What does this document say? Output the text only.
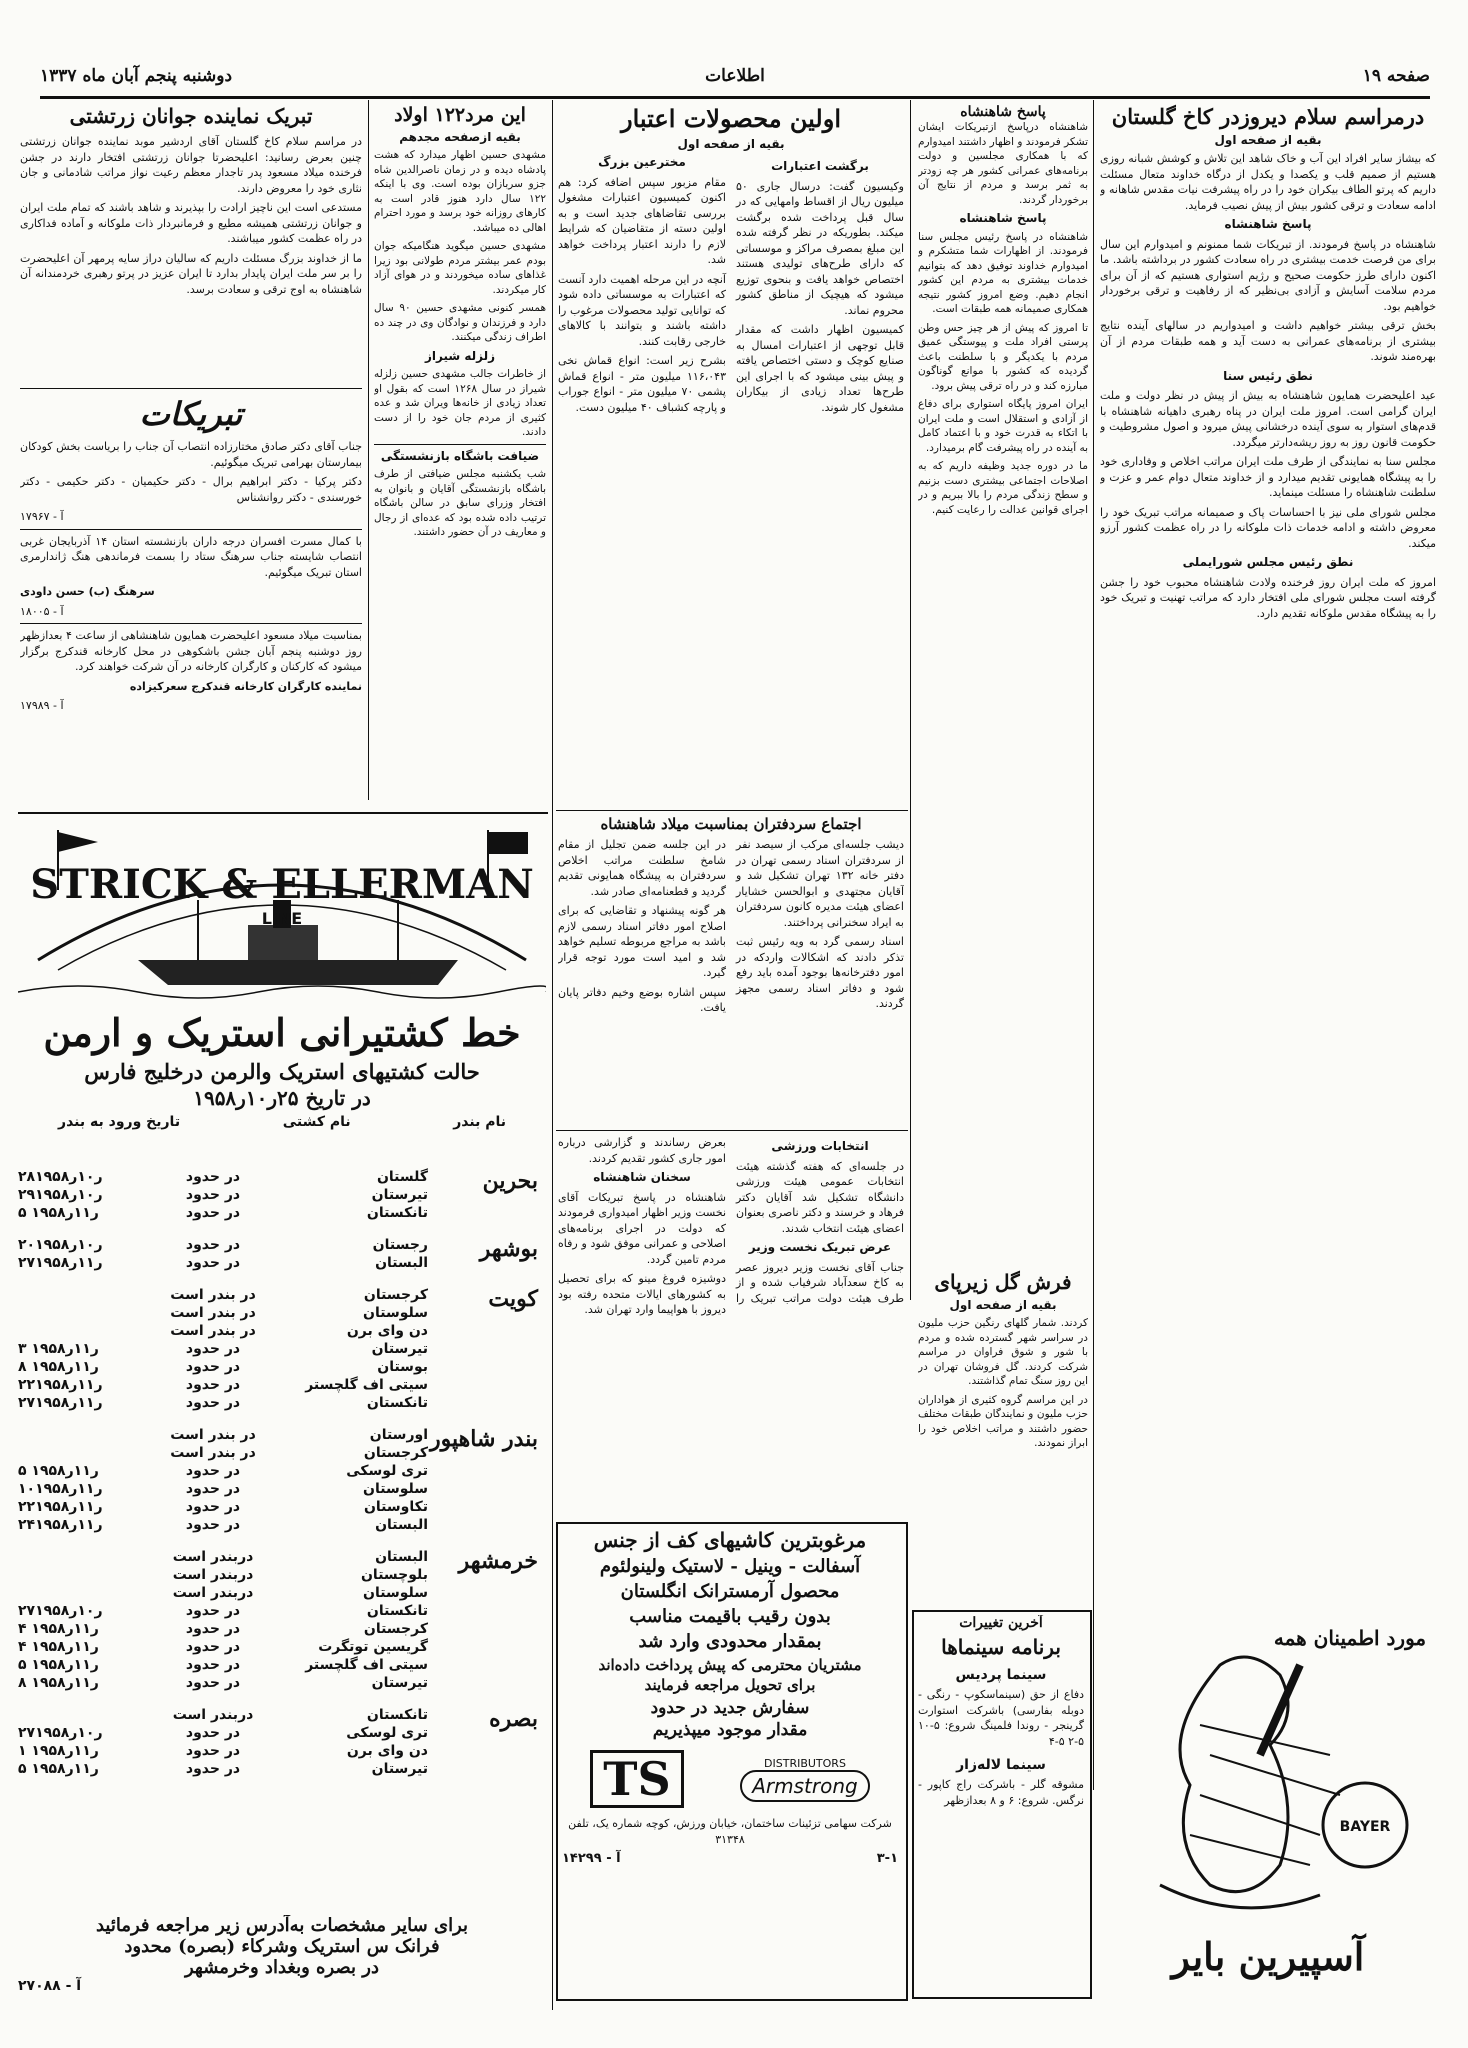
صفحه ۱۹
اطلاعات
دوشنبه پنجم آبان ماه ۱۳۳۷
درمراسم سلام دیروزدر کاخ گلستان
بقیه از صفحه اول

که بیشاز سایر افراد این آب و خاک شاهد این تلاش و کوشش شبانه روزی هستیم از صمیم قلب و یکصدا و یکدل از درگاه خداوند متعال مسئلت داریم که پرتو الطاف بیکران خود را در راه پیشرفت نیات مقدس شاهانه و ادامه سعادت و ترقی کشور بیش از پیش نصیب فرماید.

پاسخ شاهنشاه

شاهنشاه در پاسخ فرمودند. از تبریکات شما ممنونم و امیدوارم این سال برای من فرصت خدمت بیشتری در راه سعادت کشور در برداشته باشد. ما اکنون دارای طرز حکومت صحیح و رژیم استواری هستیم که از آن برای مردم سلامت آسایش و آزادی بی‌نظیر که از رفاهیت و ترقی برخوردار خواهیم بود.

بخش ترقی بیشتر خواهیم داشت و امیدواریم در سالهای آینده نتایج بیشتری از برنامه‌های عمرانی به دست آید و همه طبقات مردم از آن بهره‌مند شوند.

نطق رئیس سنا

عید اعلیحضرت همایون شاهنشاه به بیش از پیش در نظر دولت و ملت ایران گرامی است. امروز ملت ایران در پناه رهبری داهیانه شاهنشاه با قدم‌های استوار به سوی آینده درخشانی پیش میرود و اصول مشروطیت و حکومت قانون روز به روز ریشه‌دارتر میگردد.

مجلس سنا به نمایندگی از طرف ملت ایران مراتب اخلاص و وفاداری خود را به پیشگاه همایونی تقدیم میدارد و از خداوند متعال دوام عمر و عزت و سلطنت شاهنشاه را مسئلت مینماید.

مجلس شورای ملی نیز با احساسات پاک و صمیمانه مراتب تبریک خود را معروض داشته و ادامه خدمات ذات ملوکانه را در راه عظمت کشور آرزو میکند.

نطق رئیس مجلس شورایملی

امروز که ملت ایران روز فرخنده ولادت شاهنشاه محبوب خود را جشن گرفته است مجلس شورای ملی افتخار دارد که مراتب تهنیت و تبریک خود را به پیشگاه مقدس ملوکانه تقدیم دارد.

پاسخ شاهنشاه

شاهنشاه درپاسخ ازتبریکات ایشان تشکر فرمودند و اظهار داشتند امیدوارم که با همکاری مجلسین و دولت برنامه‌های عمرانی کشور هر چه زودتر به ثمر برسد و مردم از نتایج آن برخوردار گردند.

پاسخ شاهنشاه

شاهنشاه در پاسخ رئیس مجلس سنا فرمودند. از اظهارات شما متشکرم و امیدوارم خداوند توفیق دهد که بتوانیم خدمات بیشتری به مردم این کشور انجام دهیم. وضع امروز کشور نتیجه همکاری صمیمانه همه طبقات است.

تا امروز که پیش از هر چیز حس وطن پرستی افراد ملت و پیوستگی عمیق مردم با یکدیگر و با سلطنت باعث گردیده که کشور با موانع گوناگون مبارزه کند و در راه ترقی پیش برود.

ایران امروز پایگاه استواری برای دفاع از آزادی و استقلال است و ملت ایران با اتکاء به قدرت خود و با اعتماد کامل به آینده در راه پیشرفت گام برمیدارد.

ما در دوره جدید وظیفه داریم که به اصلاحات اجتماعی بیشتری دست بزنیم و سطح زندگی مردم را بالا ببریم و در اجرای قوانین عدالت را رعایت کنیم.

فرش گل زیرپای
بقیه از صفحه اول

کردند. شمار گلهای رنگین حزب ملیون در سراسر شهر گسترده شده و مردم با شور و شوق فراوان در مراسم شرکت کردند. گل فروشان تهران در این روز سنگ تمام گذاشتند.

در این مراسم گروه کثیری از هواداران حزب ملیون و نمایندگان طبقات مختلف حضور داشتند و مراتب اخلاص خود را ابراز نمودند.

آخرین تغییرات
برنامه سینماها
سینما پردیس
دفاع از حق (سینماسکوپ - رنگی - دوبله بفارسی) باشرکت استوارت گرینجر - روندا فلمینگ شروع: ۵-۱۰ ۵-۲ ۵-۴
سینما لاله‌زار
مشوقه گلر - باشرکت راج کاپور - نرگس. شروع: ۶ و ۸ بعدازظهر
اولین محصولات اعتبار
بقیه از صفحه اول
برگشت اعتبارات

وکیسیون گفت: درسال جاری ۵۰ میلیون ریال از اقساط وامهایی که در سال قبل پرداخت شده برگشت میکند. بطوریکه در نظر گرفته شده این مبلغ بمصرف مراکز و موسساتی که دارای طرح‌های تولیدی هستند اختصاص خواهد یافت و بنحوی توزیع میشود که هیچیک از مناطق کشور محروم نماند.

کمیسیون اظهار داشت که مقدار قابل توجهی از اعتبارات امسال به صنایع کوچک و دستی اختصاص یافته و پیش بینی میشود که با اجرای این طرح‌ها تعداد زیادی از بیکاران مشغول کار شوند.

مخترعین بزرگ

مقام مزبور سپس اضافه کرد: هم اکنون کمیسیون اعتبارات مشغول بررسی تقاضاهای جدید است و به اولین دسته از متقاضیان که شرایط لازم را دارند اعتبار پرداخت خواهد شد.

آنچه در این مرحله اهمیت دارد آنست که اعتبارات به موسساتی داده شود که توانایی تولید محصولات مرغوب را داشته باشند و بتوانند با کالاهای خارجی رقابت کنند.

بشرح زیر است: انواع قماش نخی ۱۱۶،۰۴۳ میلیون متر - انواع قماش پشمی ۷۰ میلیون متر - انواع جوراب و پارچه کشباف ۴۰ میلیون دست.

این مرد۱۲۲ اولاد
بقیه ازصفحه مجدهم

مشهدی حسین اظهار میدارد که هشت پادشاه دیده و در زمان ناصرالدین شاه جزو سربازان بوده است. وی با اینکه ۱۲۲ سال دارد هنوز قادر است به کارهای روزانه خود برسد و مورد احترام اهالی ده میباشد.

مشهدی حسین میگوید هنگامیکه جوان بودم عمر بیشتر مردم طولانی بود زیرا غذاهای ساده میخوردند و در هوای آزاد کار میکردند.

همسر کنونی مشهدی حسین ۹۰ سال دارد و فرزندان و نوادگان وی در چند ده اطراف زندگی میکنند.

زلزله شیراز

از خاطرات جالب مشهدی حسین زلزله شیراز در سال ۱۲۶۸ است که بقول او تعداد زیادی از خانه‌ها ویران شد و عده کثیری از مردم جان خود را از دست دادند.

ضیافت باشگاه بازنشستگی

شب یکشنبه مجلس ضیافتی از طرف باشگاه بازنشستگی آقایان و بانوان به افتخار وزرای سابق در سالن باشگاه ترتیب داده شده بود که عده‌ای از رجال و معاریف در آن حضور داشتند.

تبریک نماینده جوانان زرتشتی

در مراسم سلام کاخ گلستان آقای اردشیر موبد نماینده جوانان زرتشتی چنین بعرض رسانید: اعلیحضرتا جوانان زرتشتی افتخار دارند در جشن فرخنده میلاد مسعود پدر تاجدار معظم رعیت نواز مراتب شادمانی و جان نثاری خود را معروض دارند.

مستدعی است این ناچیز ارادت را بپذیرند و شاهد باشند که تمام ملت ایران و جوانان زرتشتی همیشه مطیع و فرمانبردار ذات ملوکانه و آماده فداکاری در راه عظمت کشور میباشند.

ما از خداوند بزرگ مسئلت داریم که سالیان دراز سایه پرمهر آن اعلیحضرت را بر سر ملت ایران پایدار بدارد تا ایران عزیز در پرتو رهبری خردمندانه آن شاهنشاه به اوج ترقی و سعادت برسد.

تبریکات

جناب آقای دکتر صادق مختارزاده انتصاب آن جناب را بریاست بخش کودکان بیمارستان بهرامی تبریک میگوئیم.

دکتر پرکیا - دکتر ابراهیم برال - دکتر حکیمیان - دکتر حکیمی - دکتر خورسندی - دکتر روانشناس

آ - ۱۷۹۶۷

با کمال مسرت افسران درجه داران بازنشسته استان ۱۴ آذربایجان غربی انتصاب شایسته جناب سرهنگ ستاد را بسمت فرماندهی هنگ ژاندارمری استان تبریک میگوئیم.

سرهنگ (ب) حسن داودی

آ - ۱۸۰۰۵

بمناسبت میلاد مسعود اعلیحضرت همایون شاهنشاهی از ساعت ۴ بعدازظهر روز دوشنبه پنجم آبان جشن باشکوهی در محل کارخانه قندکرج برگزار میشود که کارکنان و کارگران کارخانه در آن شرکت خواهند کرد.

نماینده کارگران کارخانه قندکرج سعرکیزاده

آ - ۱۷۹۸۹

اجتماع سردفتران بمناسبت میلاد شاهنشاه

دیشب جلسه‌ای مرکب از سیصد نفر از سردفتران اسناد رسمی تهران در دفتر خانه ۱۳۲ تهران تشکیل شد و آقایان مجتهدی و ابوالحسن خشایار اعضای هیئت مدیره کانون سردفتران به ایراد سخنرانی پرداختند.

اسناد رسمی گرد به ویه رئیس ثبت تذکر دادند که اشکالات واردکه در امور دفترخانه‌ها بوجود آمده باید رفع شود و دفاتر اسناد رسمی مجهز گردند.

در این جلسه ضمن تجلیل از مقام شامخ سلطنت مراتب اخلاص سردفتران به پیشگاه همایونی تقدیم گردید و قطعنامه‌ای صادر شد.

هر گونه پیشنهاد و تقاضایی که برای اصلاح امور دفاتر اسناد رسمی لازم باشد به مراجع مربوطه تسلیم خواهد شد و امید است مورد توجه قرار گیرد.

سپس اشاره بوضع وخیم دفاتر پایان یافت.

انتخابات ورزشی

در جلسه‌ای که هفته گذشته هیئت انتخابات عمومی هیئت ورزشی دانشگاه تشکیل شد آقایان دکتر فرهاد و خرسند و دکتر ناصری بعنوان اعضای هیئت انتخاب شدند.

عرض تبریک نخست وزیر

جناب آقای نخست وزیر دیروز عصر به کاخ سعدآباد شرفیاب شده و از طرف هیئت دولت مراتب تبریک را بعرض رساندند و گزارشی درباره امور جاری کشور تقدیم کردند.

سخنان شاهنشاه

شاهنشاه در پاسخ تبریکات آقای نخست وزیر اظهار امیدواری فرمودند که دولت در اجرای برنامه‌های اصلاحی و عمرانی موفق شود و رفاه مردم تامین گردد.

دوشیزه فروغ مینو که برای تحصیل به کشورهای ایالات متحده رفته بود دیروز با هواپیما وارد تهران شد.

مرغوبترین کاشیهای کف از جنس
آسفالت - وینیل - لاستیک ولینولئوم
محصول آرمسترانک انگلستان
بدون رقیب باقیمت مناسب
بمقدار محدودی وارد شد
مشتریان محترمی که پیش پرداخت داده‌اند
برای تحویل مراجعه فرمایند
سفارش جدید در حدود
مقدار موجود میپذیریم
TS	DISTRIBUTORS
Armstrong
شرکت سهامی تزئینات ساختمان، خیابان ورزش، کوچه شماره یک، تلفن ۳۱۳۴۸
۳-۱
آ - ۱۴۲۹۹
STRICK & ELLERMAN
LINE
خط کشتیرانی استریک و ارمن
حالت کشتیهای استریک والرمن درخلیج فارس
در تاریخ ۲۵ر۱۰ر۱۹۵۸
نام بندر
نام کشتی
تاریخ ورود به بندر
بحرین
گلستان
در حدود
۲۸ر۱۰ر۱۹۵۸
تیرستان
در حدود
۲۹ر۱۰ر۱۹۵۸
تانکستان
در حدود
۵ ر۱۱ر۱۹۵۸
بوشهر
رجستان
در حدود
۲۰ر۱۰ر۱۹۵۸
البستان
در حدود
۲۷ر۱۱ر۱۹۵۸
کویت
کرجستان
در بندر است
سلوستان
در بندر است
دن وای برن
در بندر است
تیرستان
در حدود
۳ ر۱۱ر۱۹۵۸
بوستان
در حدود
۸ ر۱۱ر۱۹۵۸
سیتی اف گلچستر
در حدود
۲۲ر۱۱ر۱۹۵۸
تانکستان
در حدود
۲۷ر۱۱ر۱۹۵۸
بندر شاهپور
اورستان
در بندر است
کرجستان
در بندر است
تری لوسکی
در حدود
۵ ر۱۱ر۱۹۵۸
سلوستان
در حدود
۱۰ر۱۱ر۱۹۵۸
تکاوستان
در حدود
۲۲ر۱۱ر۱۹۵۸
البستان
در حدود
۲۴ر۱۱ر۱۹۵۸
خرمشهر
البستان
دربندر است
بلوچستان
دربندر است
سلوستان
دربندر است
تانکستان
در حدود
۲۷ر۱۰ر۱۹۵۸
کرجستان
در حدود
۴ ر۱۱ر۱۹۵۸
گریسین توتگرت
در حدود
۴ ر۱۱ر۱۹۵۸
سیتی اف گلچستر
در حدود
۵ ر۱۱ر۱۹۵۸
تیرستان
در حدود
۸ ر۱۱ر۱۹۵۸
بصره
تانکستان
دربندر است
تری لوسکی
در حدود
۲۷ر۱۰ر۱۹۵۸
دن وای برن
در حدود
۱ ر۱۱ر۱۹۵۸
تیرستان
در حدود
۵ ر۱۱ر۱۹۵۸
برای سایر مشخصات به‌آدرس زیر مراجعه فرمائید
فرانک س استریک وشرکاء (بصره) محدود
در بصره وبغداد وخرمشهر
آ - ۲۷۰۸۸
BAYER
مورد اطمینان همه
آسپیرین بایر
